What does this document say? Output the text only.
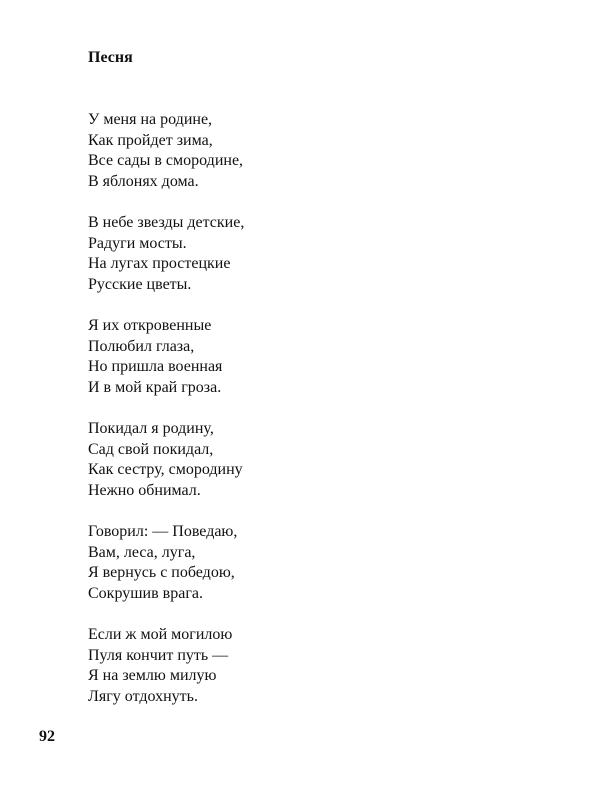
Песня
У меня на родине,
Как пройдет зима,
Все сады в смородине,
В яблонях дома.
В небе звезды детские,
Радуги мосты.
На лугах простецкие
Русские цветы.
Я их откровенные
Полюбил глаза,
Но пришла военная
И в мой край гроза.
Покидал я родину,
Сад свой покидал,
Как сестру, смородину
Нежно обнимал.
Говорил: — Поведаю,
Вам, леса, луга,
Я вернусь с победою,
Сокрушив врага.
Если ж мой могилою
Пуля кончит путь —
Я на землю милую
Лягу отдохнуть.
92
